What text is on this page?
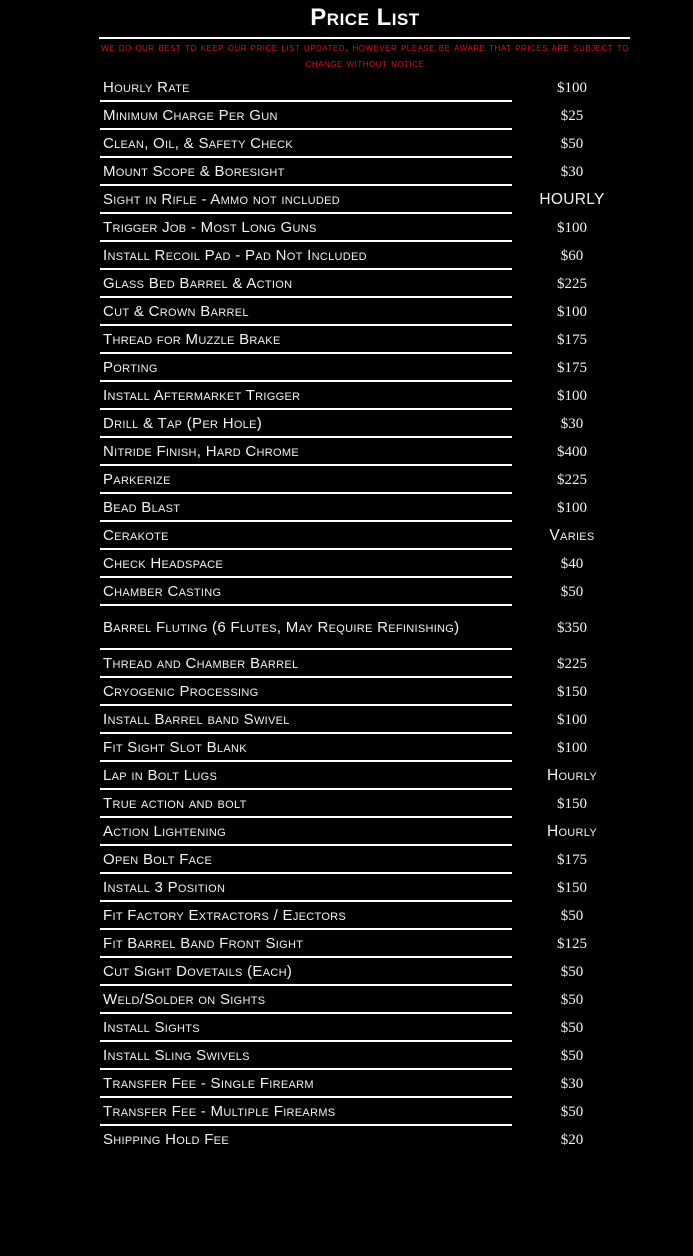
Price List
we do our best to keep our price list updated. however please be aware that prices are subject to change without notice
Hourly Rate	$100
Minimum Charge Per Gun	$25
Clean, Oil, & Safety Check	$50
Mount Scope & Boresight	$30
Sight in Rifle - Ammo not included	HOURLY
Trigger Job - Most Long Guns	$100
Install Recoil Pad - Pad Not Included	$60
Glass Bed Barrel & Action	$225
Cut & Crown Barrel	$100
Thread for Muzzle Brake	$175
Porting	$175
Install Aftermarket Trigger	$100
Drill & Tap (Per Hole)	$30
Nitride Finish, Hard Chrome	$400
Parkerize	$225
Bead Blast	$100
Cerakote	Varies
Check Headspace	$40
Chamber Casting	$50
Barrel Fluting (6 Flutes, May Require Refinishing)	$350
Thread and Chamber Barrel	$225
Cryogenic Processing	$150
Install Barrel band Swivel	$100
Fit Sight Slot Blank	$100
Lap in Bolt Lugs	Hourly
True action and bolt	$150
Action Lightening	Hourly
Open Bolt Face	$175
Install 3 Position	$150
Fit Factory Extractors / Ejectors	$50
Fit Barrel Band Front Sight	$125
Cut Sight Dovetails (Each)	$50
Weld/Solder on Sights	$50
Install Sights	$50
Install Sling Swivels	$50
Transfer Fee - Single Firearm	$30
Transfer Fee - Multiple Firearms	$50
Shipping Hold Fee	$20
